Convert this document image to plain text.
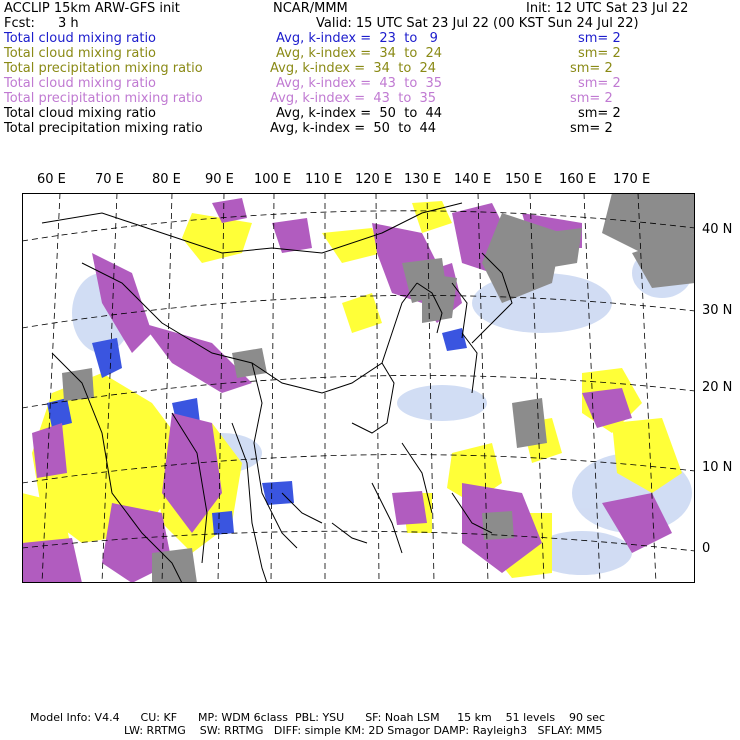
ACCLIP 15km ARW-GFS init	NCAR/MMM	Init: 12 UTC Sat 23 Jul 22
Fcst: 3 h	Valid: 15 UTC Sat 23 Jul 22 (00 KST Sun 24 Jul 22)
Total cloud mixing ratio	Avg, k-index =  23  to   9	sm= 2
Total cloud mixing ratio	Avg, k-index =  34  to  24	sm= 2
Total precipitation mixing ratio	Avg, k-index =  34  to  24	sm= 2
Total cloud mixing ratio	Avg, k-index =  43  to  35	sm= 2
Total precipitation mixing ratio	Avg, k-index =  43  to  35	sm= 2
Total cloud mixing ratio	Avg, k-index =  50  to  44	sm= 2
Total precipitation mixing ratio	Avg, k-index =  50  to  44	sm= 2
60 E 70 E 80 E 90 E 100 E 110 E 120 E 130 E 140 E 150 E 160 E 170 E
40 N
30 N
20 N
10 N
0
Model Info: V4.4      CU: KF      MP: WDM 6class  PBL: YSU      SF: Noah LSM     15 km    51 levels    90 sec
LW: RRTMG    SW: RRTMG   DIFF: simple KM: 2D Smagor DAMP: Rayleigh3   SFLAY: MM5
